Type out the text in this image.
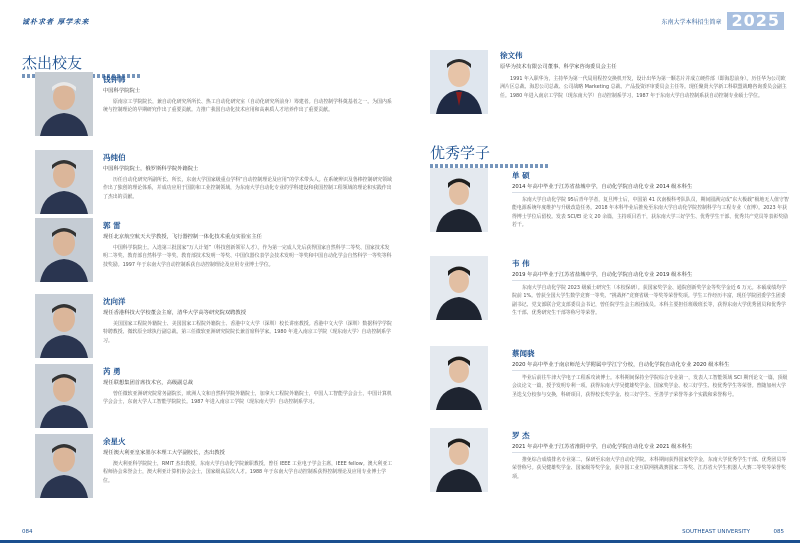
诚朴求者 厚学未来
杰出校友
钱钟韩
中国科学院院士
原南京工学院院长，兼自动化研究所所长、热工自动化研究室（自动化研究所前身）筹建者。自动控制学科奠基者之一。为国内系统与控制理论的早期研究作出了重要贡献。力推广我国自动化技术应用和高素质人才培养作出了重要贡献。
冯纯伯
中国科学院院士，俄罗斯科学院外籍院士
历任自动化研究所副所长、所长，东南大学国家级重点学科“自动控制理论及应用”的学术带头人。在系统辨识及鲁棒控制研究领域作出了独创的理论体系，并成功应用于国防和工业控制领域，为东南大学自动化专业的学科建设和我国控制工程领域的理论和实践作出了杰出的贡献。
郭 雷
现任北京航空航天大学教授，飞行器控制一体化技术重点实验室主任
中国科学院院士。入选第三批国家“万人计划”（科技创新领军人才）。作为第一完成人先后获得国家自然科学二等奖、国家技术发明二等奖、教育部自然科学一等奖、教育部技术发明一等奖、中国仪器仪表学会技术发明一等奖和中国自动化学会自然科学一等奖等科技奖励。1997 年于东南大学自动控制系获自动控制理论及应用专业博士学位。
沈向洋
现任香港科技大学校董会主席，清华大学高等研究院双聘教授
美国国家工程院外籍院士、美国国家工程院外籍院士、香港中文大学（深圳）校长讲座教授。香港中文大学（深圳）数据科学学院特聘教授、微软原全球执行副总裁。第三任微软亚洲研究院院长兼首席科学家。1980 年进入南京工学院（现东南大学）自动控制系学习。
芮 勇
现任联想集团首席技术官，高级副总裁
曾任微软亚洲研究院常务副院长，欧洲人文和自然科学院外籍院士，加拿大工程院外籍院士，中国人工智能学会会士，中国计算机学会会士，东南大学人工智能学院院长。1987 年进入南京工学院（现东南大学）自动控制系学习。
余星火
现任澳大利亚皇家墨尔本理工大学副校长，杰出教授
澳大利亚科学院院士，RMIT 杰出教授，东南大学自动化学院兼职教授。曾任 IEEE 工业电子学会主席，IEEE fellow。澳大利亚工程师协会荣誉会士，澳大利亚计算机协会会士，国家级高层次人才。1988 年于东南大学自动控制系获得控制理论及应用专业博士学位。
084
东南大学本科招生简章 2025
徐文伟
原华为技术有限公司董事、科学家咨询委员会主任
1991 年入职华为，主持华为第一代局用程控交换机开发，设计出华为第一颗芯片并成立硬件部（即海思前身）。历任华为公司欧洲片区总裁、海思公司总裁、公司战略 Marketing 总裁、产品投资评审委员会主任等。现任聚贤大学新工科联盟战略咨询委员会副主任。1980 年进入南京工学院（现东南大学）自动控制系学习，1987 年于东南大学自动控制系获自动控制专业硕士学位。
优秀学子
单 硕
2014 年高中毕业于江苏省盐城中学，自动化学院自动化专业 2014 级本科生
东南大学自动化学院 95后青年学者，复旦博士后，中国第 41 次南极科考队队员，期间圆满完成“东大极载”极地无人值守智能电源系统年度维护与升级改造任务。2018 年本科毕业后推免至东南大学自动化学院控制科学与工程专业（直博）。2023 年获得博士学位后留校。发表 SCI/EI 论文 20 余篇，主持项目若干，获东南大学三好学生、优秀学生干部、优秀共产党员等表彰奖励若干。
韦 伟
2019 年高中毕业于江苏省盐城中学，自动化学院自动化专业 2019 级本科生
东南大学自动化学院 2023 级硕士研究生（本校保研）。获国家奖学金、通院创新奖学金等奖学金近 6 万元。本硕成绩均学院前 1%。曾获全国大学生数学竞赛一等奖、“挑战杯”竞赛省级一等奖等荣誉奖项。学生工作经历丰富，现任学院团委学生团委副书记、党支部联合党支部委员会书记，曾任院学生会主席团成员。本科主要担任班级班长等，获得东南大学优秀团员和优秀学生干部、优秀研究生干部等称号等荣誉。
蔡闻骁
2020 年高中毕业于南京师范大学附属中学江宁分校，自动化学院自动化专业 2020 级本科生
毕业后前往牛津大学电子工程系攻读博士。本科期间保持全学院综合专业第一，发表人工智能领域 SCI 期刊论文一篇，顶级会议论文一篇，授予发明专利一项。获得东南大学吴健雄奖学金、国家奖学金、校三好学生、校优秀学生等荣誉。曾随加州大学圣迭戈分校参与交换，科研项目，获得校长奖学金、校三好学生、至善学子荣誉等多个实践和荣誉称号。
罗 杰
2021 年高中毕业于江苏省淮阴中学，自动化学院自动化专业 2021 级本科生
推免综合成绩排名专业第二，保研至东南大学自动化学院。本科期间获得国家奖学金，东南大学优秀学生干部、优秀团员等荣誉称号。获吴健雄奖学金、国家级等奖学金，获中国工业互联网挑战赛国家二等奖、江苏省大学生机器人大赛二等奖等荣誉奖项。
SOUTHEAST UNIVERSITY	085
